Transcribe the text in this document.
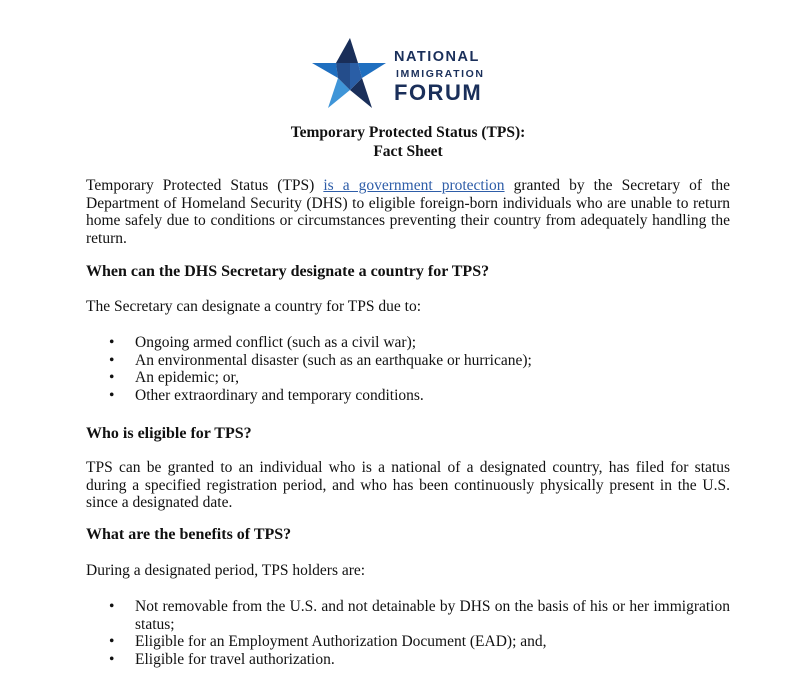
NATIONAL
IMMIGRATION
FORUM
Temporary Protected Status (TPS):
Fact Sheet
Temporary Protected Status (TPS) is a government protection granted by the Secretary of the Department of Homeland Security (DHS) to eligible foreign-born individuals who are unable to return home safely due to conditions or circumstances preventing their country from adequately handling the return.
When can the DHS Secretary designate a country for TPS?
The Secretary can designate a country for TPS due to:
• Ongoing armed conflict (such as a civil war);
• An environmental disaster (such as an earthquake or hurricane);
• An epidemic; or,
• Other extraordinary and temporary conditions.
Who is eligible for TPS?
TPS can be granted to an individual who is a national of a designated country, has filed for status during a specified registration period, and who has been continuously physically present in the U.S. since a designated date.
What are the benefits of TPS?
During a designated period, TPS holders are:
• Not removable from the U.S. and not detainable by DHS on the basis of his or her immigration status;
• Eligible for an Employment Authorization Document (EAD); and,
• Eligible for travel authorization.
